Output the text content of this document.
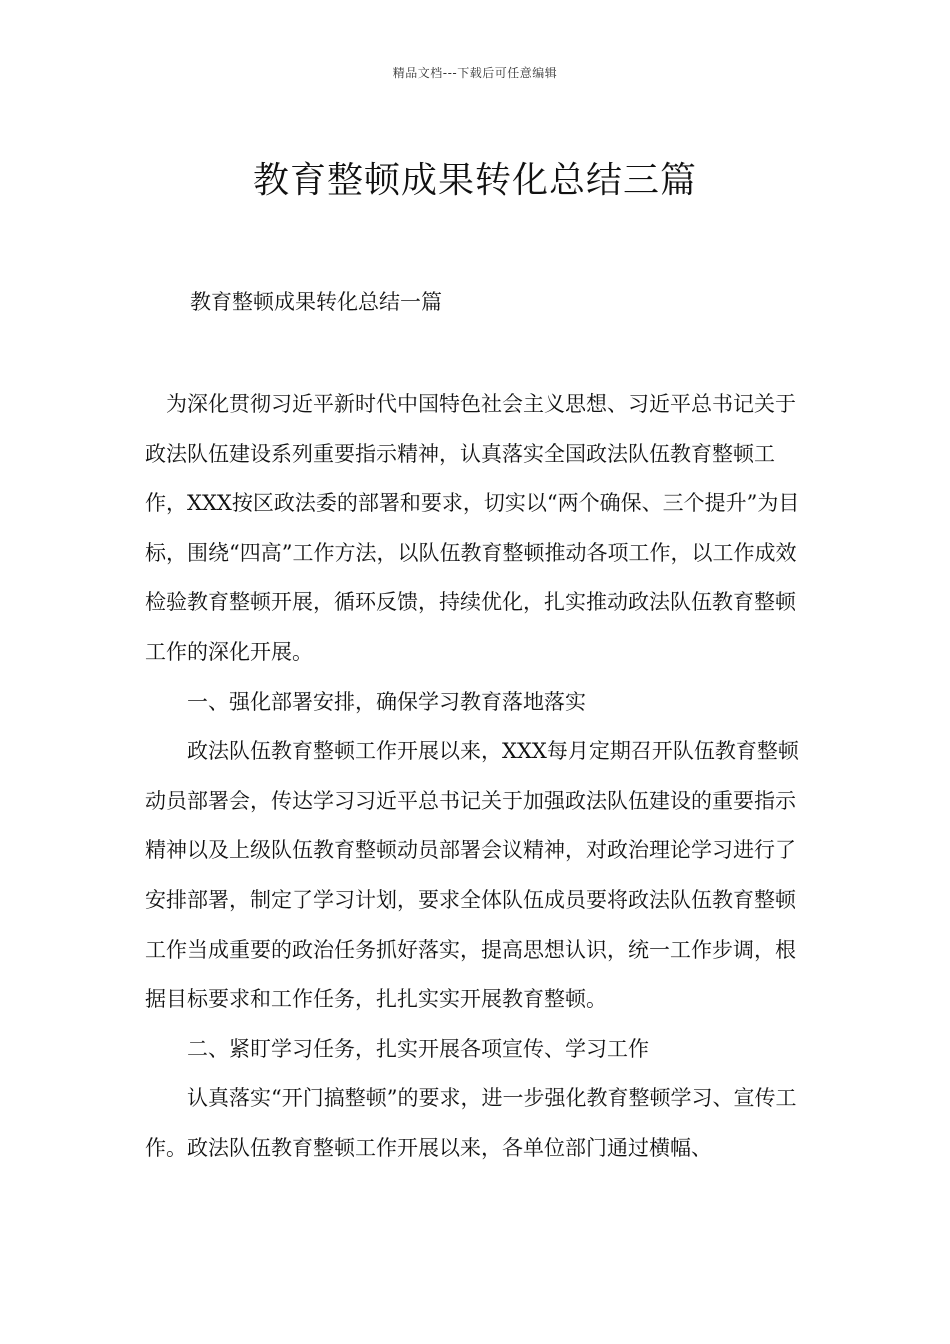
精品文档---下载后可任意编辑
教育整顿成果转化总结三篇
教育整顿成果转化总结一篇

为深化贯彻习近平新时代中国特色社会主义思想、习近平总书记关于政法队伍建设系列重要指示精神，认真落实全国政法队伍教育整顿工作，XXX按区政法委的部署和要求，切实以“两个确保、三个提升”为目标，围绕“四高”工作方法，以队伍教育整顿推动各项工作，以工作成效检验教育整顿开展，循环反馈，持续优化，扎实推动政法队伍教育整顿工作的深化开展。

一、强化部署安排，确保学习教育落地落实

政法队伍教育整顿工作开展以来，XXX每月定期召开队伍教育整顿动员部署会，传达学习习近平总书记关于加强政法队伍建设的重要指示精神以及上级队伍教育整顿动员部署会议精神，对政治理论学习进行了安排部署，制定了学习计划，要求全体队伍成员要将政法队伍教育整顿工作当成重要的政治任务抓好落实，提高思想认识，统一工作步调，根据目标要求和工作任务，扎扎实实开展教育整顿。

二、紧盯学习任务，扎实开展各项宣传、学习工作

认真落实“开门搞整顿”的要求，进一步强化教育整顿学习、宣传工作。政法队伍教育整顿工作开展以来，各单位部门通过横幅、
